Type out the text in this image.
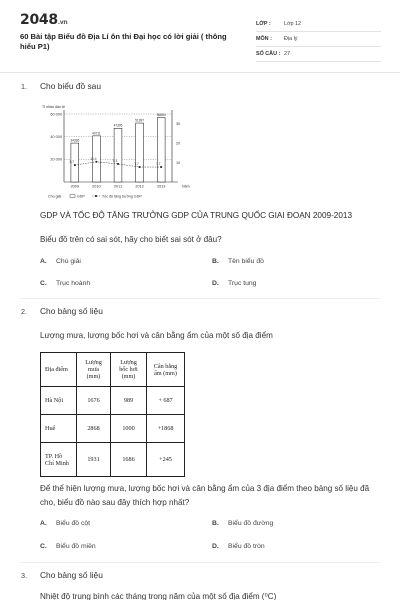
2048.vn
60 Bài tập Biểu đồ Địa Lí ôn thi Đại học có lời giải ( thông hiểu P1)
LỚP :	Lớp 12
MÔN :	Địa lý
SỐ CÂU : 27
1. Cho biểu đồ sau
Tỉ nhân dân tệ
60 000
40 000
20 000
30
20
10
34336
2009
40711
2010
47395
2011
51997
2012
56884
2013	Năm
8,7
10,4
9,3
7,7	7,7
Chú giải	GDP	Tốc độ tăng trưởng GDP
GDP VÀ TỐC ĐỘ TĂNG TRƯỞNG GDP CỦA TRUNG QUỐC GIAI ĐOẠN 2009-2013
Biểu đồ trên có sai sót, hãy cho biết sai sót ở đâu?
A. Chú giải	B. Tên biểu đồ
C. Trục hoành	D. Trục tung
2. Cho bảng số liệu
Lượng mưa, lượng bốc hơi và cân bằng ẩm của một số địa điểm
Địa điểm	Lượng mưa (mm)	Lượng bốc hơi (mm)	Cân bằng ẩm (mm)
Hà Nội	1676	989	+ 687
Huế	2868	1000	+1868
TP. Hồ Chí Minh	1931	1686	+245
Để thể hiện lượng mưa, lượng bốc hơi và cân bằng ẩm của 3 địa điểm theo bảng số liệu đã cho, biểu đồ nào sau đây thích hợp nhất?
A. Biểu đồ cột	B. Biểu đồ đường
C. Biểu đồ miền	D. Biểu đồ tròn
3. Cho bảng số liệu
Nhiệt độ trung bình các tháng trong năm của một số địa điểm (⁰C)
